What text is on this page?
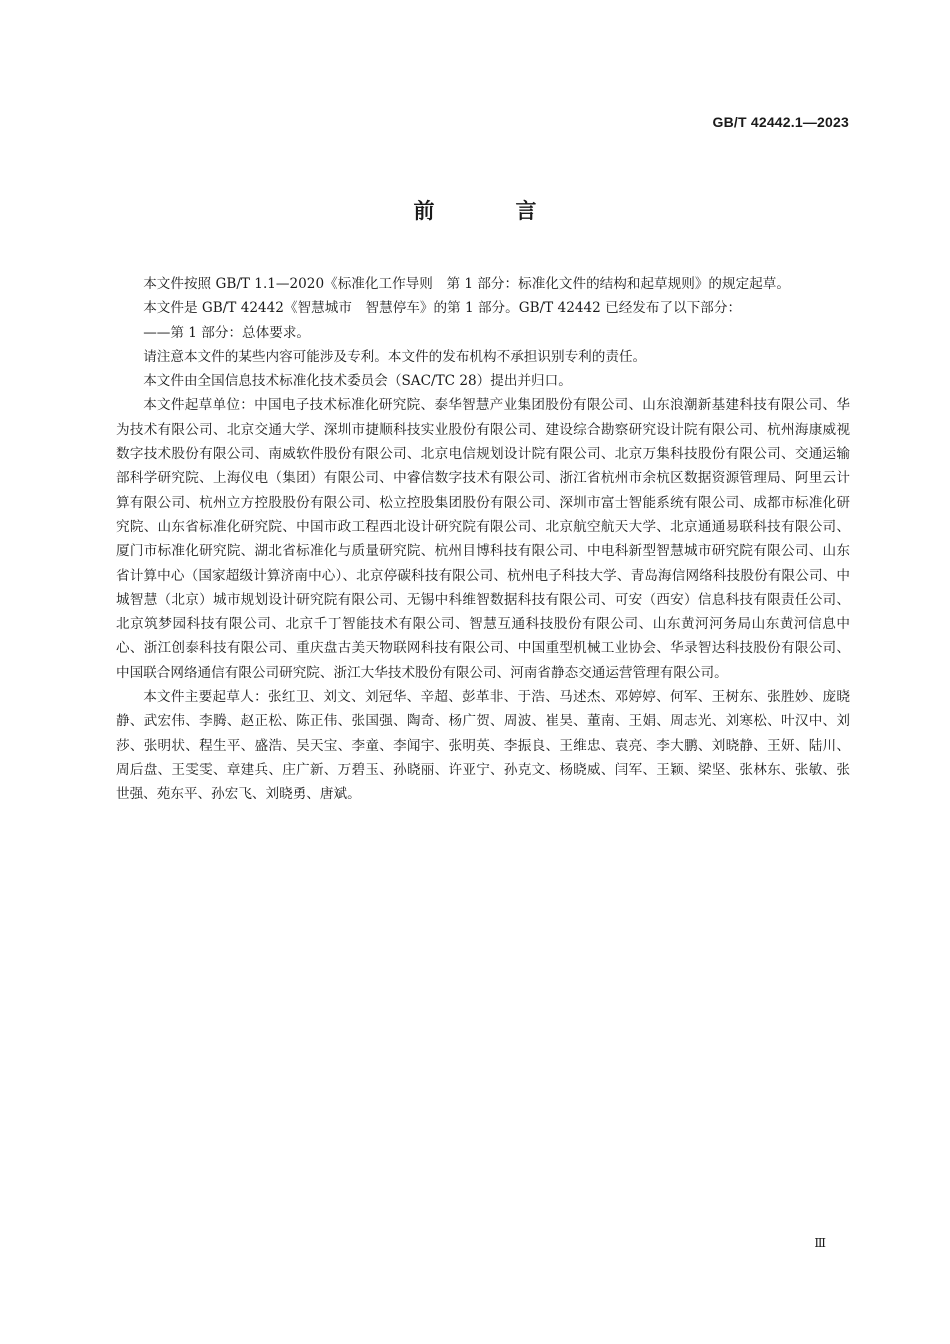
GB/T 42442.1—2023
前　言

本文件按照 GB/T 1.1—2020《标准化工作导则　第 1 部分：标准化文件的结构和起草规则》的规定起草。

本文件是 GB/T 42442《智慧城市　智慧停车》的第 1 部分。GB/T 42442 已经发布了以下部分：

——第 1 部分：总体要求。

请注意本文件的某些内容可能涉及专利。本文件的发布机构不承担识别专利的责任。

本文件由全国信息技术标准化技术委员会（SAC/TC 28）提出并归口。

本文件起草单位：中国电子技术标准化研究院、泰华智慧产业集团股份有限公司、山东浪潮新基建科技有限公司、华为技术有限公司、北京交通大学、深圳市捷顺科技实业股份有限公司、建设综合勘察研究设计院有限公司、杭州海康威视数字技术股份有限公司、南威软件股份有限公司、北京电信规划设计院有限公司、北京万集科技股份有限公司、交通运输部科学研究院、上海仪电（集团）有限公司、中睿信数字技术有限公司、浙江省杭州市余杭区数据资源管理局、阿里云计算有限公司、杭州立方控股股份有限公司、松立控股集团股份有限公司、深圳市富士智能系统有限公司、成都市标准化研究院、山东省标准化研究院、中国市政工程西北设计研究院有限公司、北京航空航天大学、北京通通易联科技有限公司、厦门市标准化研究院、湖北省标准化与质量研究院、杭州目博科技有限公司、中电科新型智慧城市研究院有限公司、山东省计算中心（国家超级计算济南中心）、北京停碳科技有限公司、杭州电子科技大学、青岛海信网络科技股份有限公司、中城智慧（北京）城市规划设计研究院有限公司、无锡中科维智数据科技有限公司、可安（西安）信息科技有限责任公司、北京筑梦园科技有限公司、北京千丁智能技术有限公司、智慧互通科技股份有限公司、山东黄河河务局山东黄河信息中心、浙江创泰科技有限公司、重庆盘古美天物联网科技有限公司、中国重型机械工业协会、华录智达科技股份有限公司、中国联合网络通信有限公司研究院、浙江大华技术股份有限公司、河南省静态交通运营管理有限公司。

本文件主要起草人：张红卫、刘文、刘冠华、辛超、彭革非、于浩、马述杰、邓婷婷、何军、王树东、张胜妙、庞晓静、武宏伟、李腾、赵正松、陈正伟、张国强、陶奇、杨广贺、周波、崔昊、董南、王娟、周志光、刘寒松、叶汉中、刘莎、张明状、程生平、盛浩、吴天宝、李童、李闻宇、张明英、李振良、王维忠、袁亮、李大鹏、刘晓静、王妍、陆川、周后盘、王雯雯、章建兵、庄广新、万碧玉、孙晓丽、许亚宁、孙克文、杨晓威、闫军、王颖、梁坚、张林东、张敏、张世强、苑东平、孙宏飞、刘晓勇、唐斌。

Ⅲ
